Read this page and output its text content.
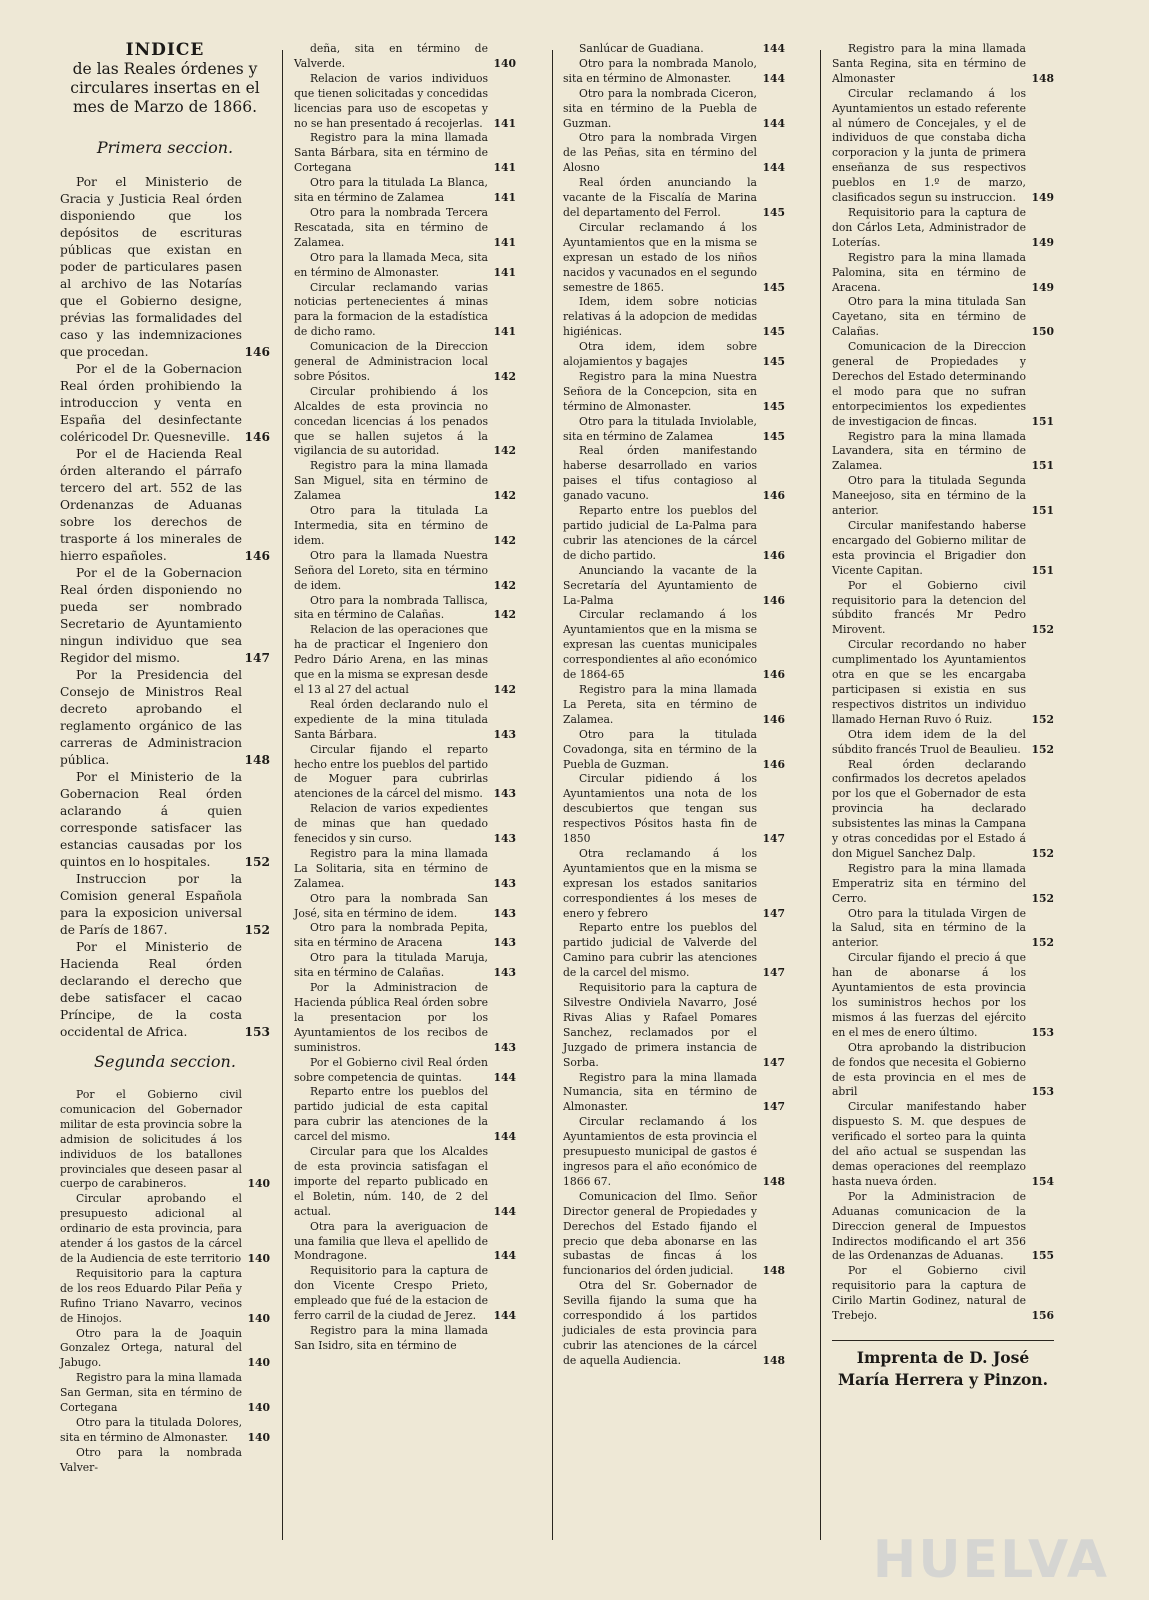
INDICE
de las Reales órdenes y circulares insertas en el mes de Marzo de 1866.
Primera seccion.

Por el Ministerio de Gracia y Justicia Real órden disponiendo que los depósitos de escrituras públicas que existan en poder de particulares pasen al archivo de las Notarías que el Gobierno designe, prévias las formalidades del caso y las indemnizaciones que procedan.	146

Por el de la Gobernacion Real órden prohibiendo la introduccion y venta en España del desinfectante coléricodel Dr. Quesneville. 146

Por el de Hacienda Real órden alterando el párrafo tercero del art. 552 de las Ordenanzas de Aduanas sobre los derechos de trasporte á los minerales de hierro españoles.	146

Por el de la Gobernacion Real órden disponiendo no pueda ser nombrado Secretario de Ayuntamiento ningun individuo que sea Regidor del mismo.	147

Por la Presidencia del Consejo de Ministros Real decreto aprobando el reglamento orgánico de las carreras de Administracion pública.	148

Por el Ministerio de la Gobernacion Real órden aclarando á quien corresponde satisfacer las estancias causadas por los quintos en lo hospitales.	152

Instruccion por la Comision general Española para la exposicion universal de París de 1867.	152

Por el Ministerio de Hacienda Real órden declarando el derecho que debe satisfacer el cacao Príncipe, de la costa occidental de Africa.	153

Segunda seccion.

Por el Gobierno civil comunicacion del Gobernador militar de esta provincia sobre la admision de solicitudes á los individuos de los batallones provinciales que deseen pasar al cuerpo de carabineros.	140

Circular aprobando el presupuesto adicional al ordinario de esta provincia, para atender á los gastos de la cárcel de la Audiencia de este territorio 140

Requisitorio para la captura de los reos Eduardo Pilar Peña y Rufino Triano Navarro, vecinos de Hinojos.	140

Otro para la de Joaquin Gonzalez Ortega, natural del Jabugo.	140

Registro para la mina llamada San German, sita en término de Cortegana	140

Otro para la titulada Dolores, sita en término de Almonaster. 140

Otro para la nombrada Valver-

deña, sita en término de Valverde.	140

Relacion de varios individuos que tienen solicitadas y concedidas licencias para uso de escopetas y no se han presentado á recojerlas. 141

Registro para la mina llamada Santa Bárbara, sita en término de Cortegana	141

Otro para la titulada La Blanca, sita en término de Zalamea	141

Otro para la nombrada Tercera Rescatada, sita en término de Zalamea.	141

Otro para la llamada Meca, sita en término de Almonaster.	141

Circular reclamando varias noticias pertenecientes á minas para la formacion de la estadística de dicho ramo.	141

Comunicacion de la Direccion general de Administracion local sobre Pósitos.	142

Circular prohibiendo á los Alcaldes de esta provincia no concedan licencias á los penados que se hallen sujetos á la vigilancia de su autoridad.	142

Registro para la mina llamada San Miguel, sita en término de Zalamea	142

Otro para la titulada La Intermedia, sita en término de idem.	142

Otro para la llamada Nuestra Señora del Loreto, sita en término de idem.	142

Otro para la nombrada Tallisca, sita en término de Calañas.	142

Relacion de las operaciones que ha de practicar el Ingeniero don Pedro Dário Arena, en las minas que en la misma se expresan desde el 13 al 27 del actual	142

Real órden declarando nulo el expediente de la mina titulada Santa Bárbara.	143

Circular fijando el reparto hecho entre los pueblos del partido de Moguer para cubrirlas atenciones de la cárcel del mismo. 143

Relacion de varios expedientes de minas que han quedado fenecidos y sin curso.	143

Registro para la mina llamada La Solitaria, sita en término de Zalamea.	143

Otro para la nombrada San José, sita en término de idem.	143

Otro para la nombrada Pepita, sita en término de Aracena	143

Otro para la titulada Maruja, sita en término de Calañas.	143

Por la Administracion de Hacienda pública Real órden sobre la presentacion por los Ayuntamientos de los recibos de suministros.	143

Por el Gobierno civil Real órden sobre competencia de quintas.	144

Reparto entre los pueblos del partido judicial de esta capital para cubrir las atenciones de la carcel del mismo.	144

Circular para que los Alcaldes de esta provincia satisfagan el importe del reparto publicado en el Boletin, núm. 140, de 2 del actual.	144

Otra para la averiguacion de una familia que lleva el apellido de Mondragone.	144

Requisitorio para la captura de don Vicente Crespo Prieto, empleado que fué de la estacion de ferro carril de la ciudad de Jerez. 144

Registro para la mina llamada San Isidro, sita en término de

Sanlúcar de Guadiana.	144

Otro para la nombrada Manolo, sita en término de Almonaster.	144

Otro para la nombrada Ciceron, sita en término de la Puebla de Guzman.	144

Otro para la nombrada Virgen de las Peñas, sita en término del Alosno	144

Real órden anunciando la vacante de la Fiscalía de Marina del departamento del Ferrol.	145

Circular reclamando á los Ayuntamientos que en la misma se expresan un estado de los niños nacidos y vacunados en el segundo semestre de 1865.	145

Idem, idem sobre noticias relativas á la adopcion de medidas higiénicas.	145

Otra idem, idem sobre alojamientos y bagajes	145

Registro para la mina Nuestra Señora de la Concepcion, sita en término de Almonaster.	145

Otro para la titulada Inviolable, sita en término de Zalamea	145

Real órden manifestando haberse desarrollado en varios paises el tifus contagioso al ganado vacuno.	146

Reparto entre los pueblos del partido judicial de La-Palma para cubrir las atenciones de la cárcel de dicho partido.	146

Anunciando la vacante de la Secretaría del Ayuntamiento de La-Palma	146

Circular reclamando á los Ayuntamientos que en la misma se expresan las cuentas municipales correspondientes al año económico de 1864-65	146

Registro para la mina llamada La Pereta, sita en término de Zalamea.	146

Otro para la titulada Covadonga, sita en término de la Puebla de Guzman.	146

Circular pidiendo á los Ayuntamientos una nota de los descubiertos que tengan sus respectivos Pósitos hasta fin de 1850	147

Otra reclamando á los Ayuntamientos que en la misma se expresan los estados sanitarios correspondientes á los meses de enero y febrero	147

Reparto entre los pueblos del partido judicial de Valverde del Camino para cubrir las atenciones de la carcel del mismo.	147

Requisitorio para la captura de Silvestre Ondiviela Navarro, José Rivas Alias y Rafael Pomares Sanchez, reclamados por el Juzgado de primera instancia de Sorba.	147

Registro para la mina llamada Numancia, sita en término de Almonaster.	147

Circular reclamando á los Ayuntamientos de esta provincia el presupuesto municipal de gastos é ingresos para el año económico de 1866 67.	148

Comunicacion del Ilmo. Señor Director general de Propiedades y Derechos del Estado fijando el precio que deba abonarse en las subastas de fincas á los funcionarios del órden judicial.	148

Otra del Sr. Gobernador de Sevilla fijando la suma que ha correspondido á los partidos judiciales de esta provincia para cubrir las atenciones de la cárcel de aquella Audiencia.	148

Registro para la mina llamada Santa Regina, sita en término de Almonaster	148

Circular reclamando á los Ayuntamientos un estado referente al número de Concejales, y el de individuos de que constaba dicha corporacion y la junta de primera enseñanza de sus respectivos pueblos en 1.º de marzo, clasificados segun su instruccion. 149

Requisitorio para la captura de don Cárlos Leta, Administrador de Loterías.	149

Registro para la mina llamada Palomina, sita en término de Aracena.	149

Otro para la mina titulada San Cayetano, sita en término de Calañas.	150

Comunicacion de la Direccion general de Propiedades y Derechos del Estado determinando el modo para que no sufran entorpecimientos los expedientes de investigacion de fincas.	151

Registro para la mina llamada Lavandera, sita en término de Zalamea.	151

Otro para la titulada Segunda Maneejoso, sita en término de la anterior.	151

Circular manifestando haberse encargado del Gobierno militar de esta provincia el Brigadier don Vicente Capitan.	151

Por el Gobierno civil requisitorio para la detencion del súbdito francés Mr Pedro Mirovent.	152

Circular recordando no haber cumplimentado los Ayuntamientos otra en que se les encargaba participasen si existia en sus respectivos distritos un individuo llamado Hernan Ruvo ó Ruiz.	152

Otra idem idem de la del súbdito francés Truol de Beaulieu. 152

Real órden declarando confirmados los decretos apelados por los que el Gobernador de esta provincia ha declarado subsistentes las minas la Campana y otras concedidas por el Estado á don Miguel Sanchez Dalp.	152

Registro para la mina llamada Emperatriz sita en término del Cerro.	152

Otro para la titulada Virgen de la Salud, sita en término de la anterior.	152

Circular fijando el precio á que han de abonarse á los Ayuntamientos de esta provincia los suministros hechos por los mismos á las fuerzas del ejército en el mes de enero último.	153

Otra aprobando la distribucion de fondos que necesita el Gobierno de esta provincia en el mes de abril	153

Circular manifestando haber dispuesto S. M. que despues de verificado el sorteo para la quinta del año actual se suspendan las demas operaciones del reemplazo hasta nueva órden.	154

Por la Administracion de Aduanas comunicacion de la Direccion general de Impuestos Indirectos modificando el art 356 de las Ordenanzas de Aduanas.	155

Por el Gobierno civil requisitorio para la captura de Cirilo Martin Godinez, natural de Trebejo.	156

Imprenta de D. José María Herrera y Pinzon.
HUELVA
